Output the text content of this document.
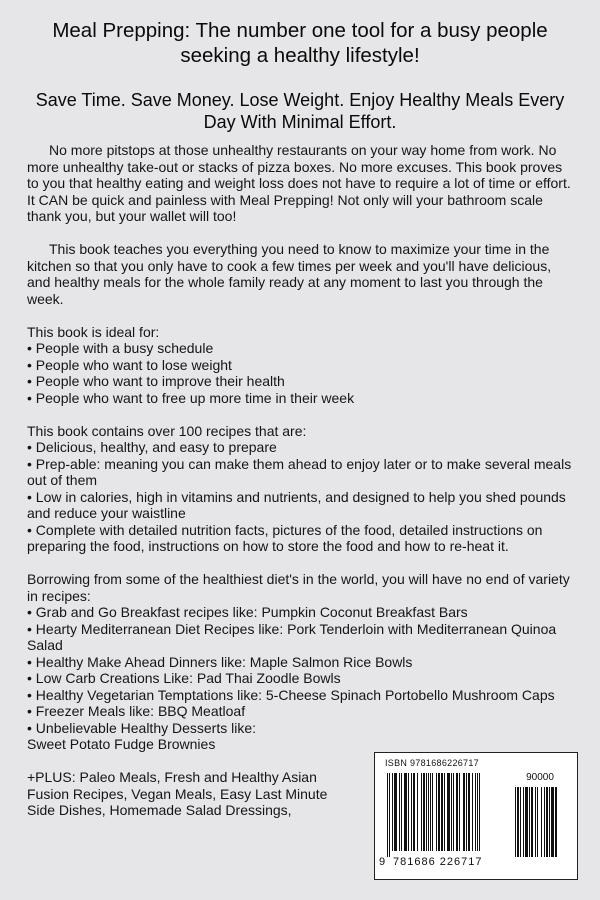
Meal Prepping: The number one tool for a busy people seeking a healthy lifestyle!
Save Time. Save Money. Lose Weight. Enjoy Healthy Meals Every Day With Minimal Effort.

No more pitstops at those unhealthy restaurants on your way home from work. No more unhealthy take-out or stacks of pizza boxes. No more excuses. This book proves to you that healthy eating and weight loss does not have to require a lot of time or effort. It CAN be quick and painless with Meal Prepping! Not only will your bathroom scale thank you, but your wallet will too!

This book teaches you everything you need to know to maximize your time in the kitchen so that you only have to cook a few times per week and you'll have delicious, and healthy meals for the whole family ready at any moment to last you through the week.

This book is ideal for:

• People with a busy schedule
• People who want to lose weight
• People who want to improve their health
• People who want to free up more time in their week

This book contains over 100 recipes that are:

• Delicious, healthy, and easy to prepare
• Prep-able: meaning you can make them ahead to enjoy later or to make several meals out of them
• Low in calories, high in vitamins and nutrients, and designed to help you shed pounds and reduce your waistline
• Complete with detailed nutrition facts, pictures of the food, detailed instructions on preparing the food, instructions on how to store the food and how to re-heat it.

Borrowing from some of the healthiest diet's in the world, you will have no end of variety in recipes:

• Grab and Go Breakfast recipes like: Pumpkin Coconut Breakfast Bars
• Hearty Mediterranean Diet Recipes like: Pork Tenderloin with Mediterranean Quinoa Salad
• Healthy Make Ahead Dinners like: Maple Salmon Rice Bowls
• Low Carb Creations Like: Pad Thai Zoodle Bowls
• Healthy Vegetarian Temptations like: 5-Cheese Spinach Portobello Mushroom Caps
• Freezer Meals like: BBQ Meatloaf
• Unbelievable Healthy Desserts like:

Sweet Potato Fudge Brownies

+PLUS: Paleo Meals, Fresh and Healthy Asian Fusion Recipes, Vegan Meals, Easy Last Minute Side Dishes, Homemade Salad Dressings,

ISBN 9781686226717
90000
9 781686 226717
